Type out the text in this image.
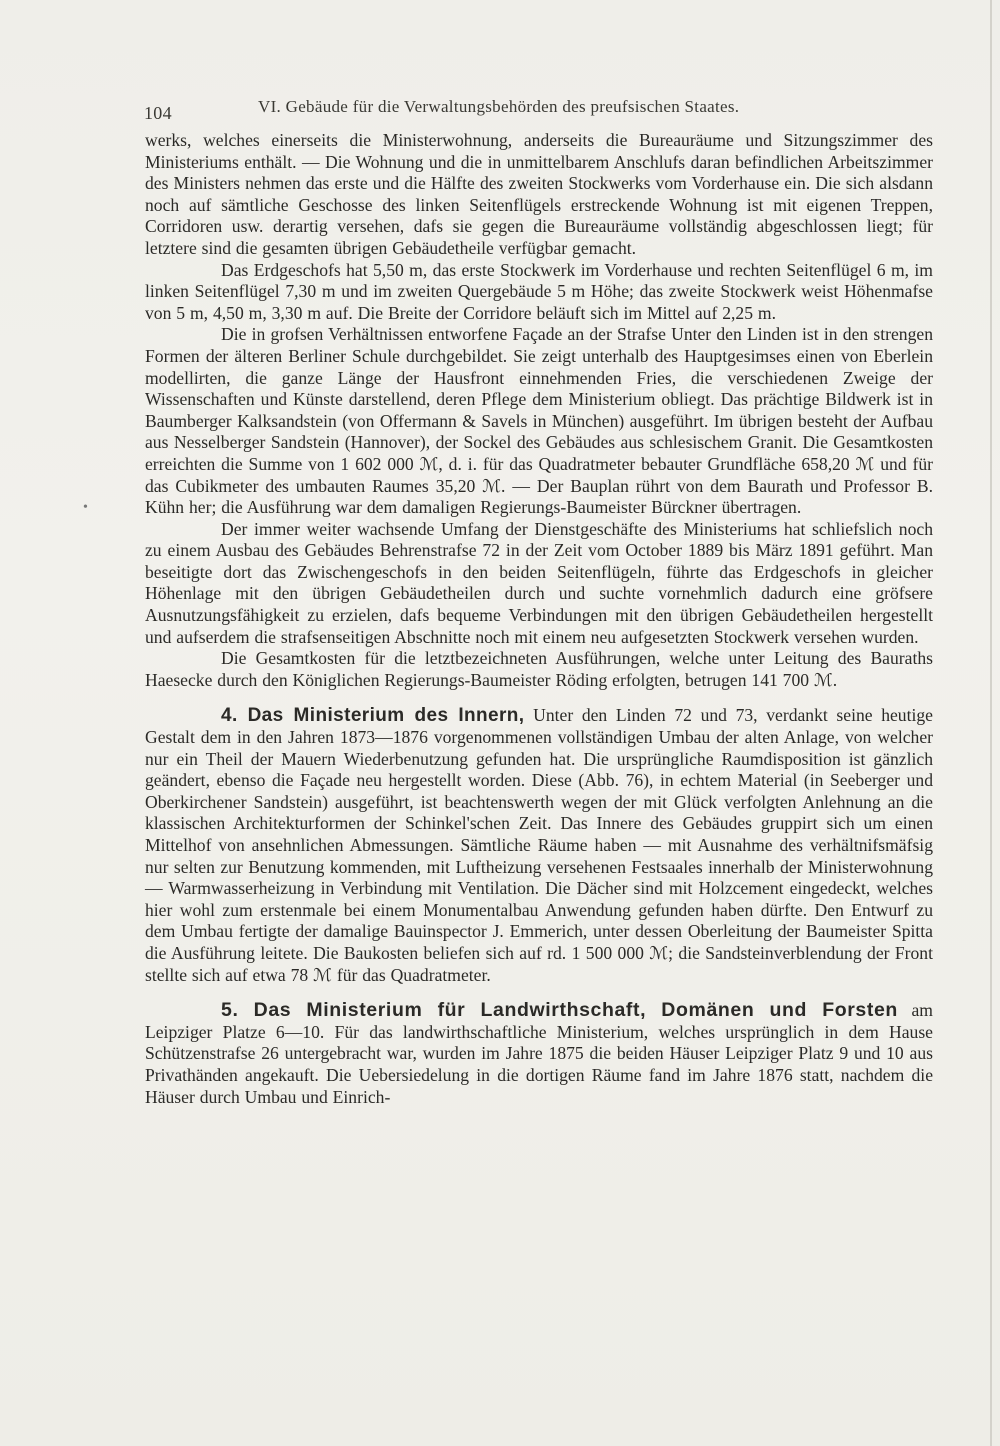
104	VI. Gebäude für die Verwaltungsbehörden des preufsischen Staates.
•

werks, welches einerseits die Ministerwohnung, anderseits die Bureauräume und Sitzungszimmer des Ministeriums enthält. — Die Wohnung und die in unmittelbarem Anschlufs daran befindlichen Arbeitszimmer des Ministers nehmen das erste und die Hälfte des zweiten Stockwerks vom Vorderhause ein. Die sich alsdann noch auf sämtliche Geschosse des linken Seitenflügels erstreckende Wohnung ist mit eigenen Treppen, Corridoren usw. derartig versehen, dafs sie gegen die Bureauräume vollständig abgeschlossen liegt; für letztere sind die gesamten übrigen Gebäudetheile verfügbar gemacht.

Das Erdgeschofs hat 5,50 m, das erste Stockwerk im Vorderhause und rechten Seitenflügel 6 m, im linken Seitenflügel 7,30 m und im zweiten Quergebäude 5 m Höhe; das zweite Stockwerk weist Höhenmafse von 5 m, 4,50 m, 3,30 m auf. Die Breite der Corridore beläuft sich im Mittel auf 2,25 m.

Die in grofsen Verhältnissen entworfene Façade an der Strafse Unter den Linden ist in den strengen Formen der älteren Berliner Schule durchgebildet. Sie zeigt unterhalb des Hauptgesimses einen von Eberlein modellirten, die ganze Länge der Hausfront einnehmenden Fries, die verschiedenen Zweige der Wissenschaften und Künste darstellend, deren Pflege dem Ministerium obliegt. Das prächtige Bildwerk ist in Baumberger Kalksandstein (von Offermann & Savels in München) ausgeführt. Im übrigen besteht der Aufbau aus Nesselberger Sandstein (Hannover), der Sockel des Gebäudes aus schlesischem Granit. Die Gesamtkosten erreichten die Summe von 1 602 000 ℳ, d. i. für das Quadratmeter bebauter Grundfläche 658,20 ℳ und für das Cubikmeter des umbauten Raumes 35,20 ℳ. — Der Bauplan rührt von dem Baurath und Professor B. Kühn her; die Ausführung war dem damaligen Regierungs-Baumeister Bürckner übertragen.

Der immer weiter wachsende Umfang der Dienstgeschäfte des Ministeriums hat schliefslich noch zu einem Ausbau des Gebäudes Behrenstrafse 72 in der Zeit vom October 1889 bis März 1891 geführt. Man beseitigte dort das Zwischengeschofs in den beiden Seitenflügeln, führte das Erdgeschofs in gleicher Höhenlage mit den übrigen Gebäudetheilen durch und suchte vornehmlich dadurch eine gröfsere Ausnutzungsfähigkeit zu erzielen, dafs bequeme Verbindungen mit den übrigen Gebäudetheilen hergestellt und aufserdem die strafsenseitigen Abschnitte noch mit einem neu aufgesetzten Stockwerk versehen wurden.

Die Gesamtkosten für die letztbezeichneten Ausführungen, welche unter Leitung des Bauraths Haesecke durch den Königlichen Regierungs-Baumeister Röding erfolgten, betrugen 141 700 ℳ.

4. Das Ministerium des Innern, Unter den Linden 72 und 73, verdankt seine heutige Gestalt dem in den Jahren 1873—1876 vorgenommenen vollständigen Umbau der alten Anlage, von welcher nur ein Theil der Mauern Wiederbenutzung gefunden hat. Die ursprüngliche Raumdisposition ist gänzlich geändert, ebenso die Façade neu hergestellt worden. Diese (Abb. 76), in echtem Material (in Seeberger und Oberkirchener Sandstein) ausgeführt, ist beachtenswerth wegen der mit Glück verfolgten Anlehnung an die klassischen Architekturformen der Schinkel'schen Zeit. Das Innere des Gebäudes gruppirt sich um einen Mittelhof von ansehnlichen Abmessungen. Sämtliche Räume haben — mit Ausnahme des verhältnifsmäfsig nur selten zur Benutzung kommenden, mit Luftheizung versehenen Festsaales innerhalb der Ministerwohnung — Warmwasserheizung in Verbindung mit Ventilation. Die Dächer sind mit Holzcement eingedeckt, welches hier wohl zum erstenmale bei einem Monumentalbau Anwendung gefunden haben dürfte. Den Entwurf zu dem Umbau fertigte der damalige Bauinspector J. Emmerich, unter dessen Oberleitung der Baumeister Spitta die Ausführung leitete. Die Baukosten beliefen sich auf rd. 1 500 000 ℳ; die Sandsteinverblendung der Front stellte sich auf etwa 78 ℳ für das Quadratmeter.

5. Das Ministerium für Landwirthschaft, Domänen und Forsten am Leipziger Platze 6—10. Für das landwirthschaftliche Ministerium, welches ursprünglich in dem Hause Schützenstrafse 26 untergebracht war, wurden im Jahre 1875 die beiden Häuser Leipziger Platz 9 und 10 aus Privathänden angekauft. Die Uebersiedelung in die dortigen Räume fand im Jahre 1876 statt, nachdem die Häuser durch Umbau und Einrich-
